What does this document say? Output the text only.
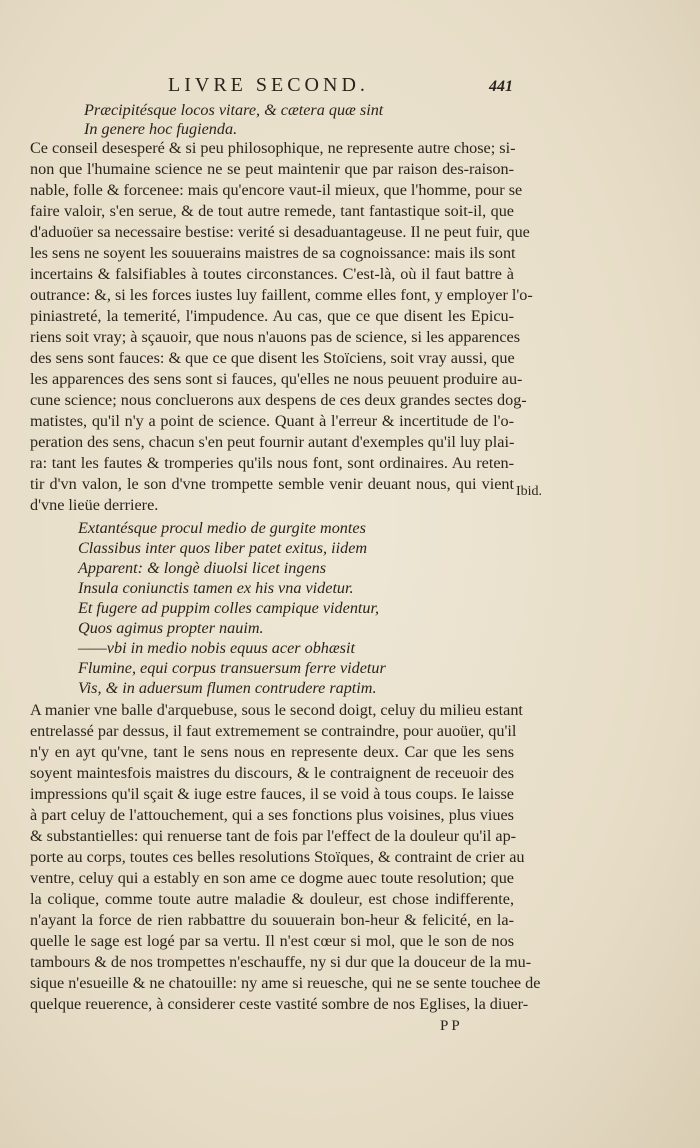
LIVRE SECOND.	441
Præcipitésque locos vitare, & cætera quæ sint
In genere hoc fugienda.
Ce conseil desesperé & si peu philosophique, ne represente autre chose; si-
non que l'humaine science ne se peut maintenir que par raison des-raison-
nable, folle & forcenee: mais qu'encore vaut-il mieux, que l'homme, pour se
faire valoir, s'en serue, & de tout autre remede, tant fantastique soit-il, que
d'aduoüer sa necessaire bestise: verité si desaduantageuse. Il ne peut fuir, que
les sens ne soyent les souuerains maistres de sa cognoissance: mais ils sont
incertains & falsifiables à toutes circonstances. C'est-là, où il faut battre à
outrance: &, si les forces iustes luy faillent, comme elles font, y employer l'o-
piniastreté, la temerité, l'impudence. Au cas, que ce que disent les Epicu-
riens soit vray; à sçauoir, que nous n'auons pas de science, si les apparences
des sens sont fauces: & que ce que disent les Stoïciens, soit vray aussi, que
les apparences des sens sont si fauces, qu'elles ne nous peuuent produire au-
cune science; nous concluerons aux despens de ces deux grandes sectes dog-
matistes, qu'il n'y a point de science. Quant à l'erreur & incertitude de l'o-
peration des sens, chacun s'en peut fournir autant d'exemples qu'il luy plai-
ra: tant les fautes & tromperies qu'ils nous font, sont ordinaires. Au reten-
tir d'vn valon, le son d'vne trompette semble venir deuant nous, qui vient
d'vne lieüe derriere.
Extantésque procul medio de gurgite montes
Classibus inter quos liber patet exitus, iidem
Apparent: & longè diuolsi licet ingens
Insula coniunctis tamen ex his vna videtur.
Et fugere ad puppim colles campique videntur,
Quos agimus propter nauim.
——vbi in medio nobis equus acer obhæsit
Flumine, equi corpus transuersum ferre videtur
Vis, & in aduersum flumen contrudere raptim.
Ibid.
A manier vne balle d'arquebuse, sous le second doigt, celuy du milieu estant
entrelassé par dessus, il faut extremement se contraindre, pour auoüer, qu'il
n'y en ayt qu'vne, tant le sens nous en represente deux. Car que les sens
soyent maintesfois maistres du discours, & le contraignent de receuoir des
impressions qu'il sçait & iuge estre fauces, il se void à tous coups. Ie laisse
à part celuy de l'attouchement, qui a ses fonctions plus voisines, plus viues
& substantielles: qui renuerse tant de fois par l'effect de la douleur qu'il ap-
porte au corps, toutes ces belles resolutions Stoïques, & contraint de crier au
ventre, celuy qui a estably en son ame ce dogme auec toute resolution; que
la colique, comme toute autre maladie & douleur, est chose indifferente,
n'ayant la force de rien rabbattre du souuerain bon-heur & felicité, en la-
quelle le sage est logé par sa vertu. Il n'est cœur si mol, que le son de nos
tambours & de nos trompettes n'eschauffe, ny si dur que la douceur de la mu-
sique n'esueille & ne chatouille: ny ame si reuesche, qui ne se sente touchee de
quelque reuerence, à considerer ceste vastité sombre de nos Eglises, la diuer-
PP
